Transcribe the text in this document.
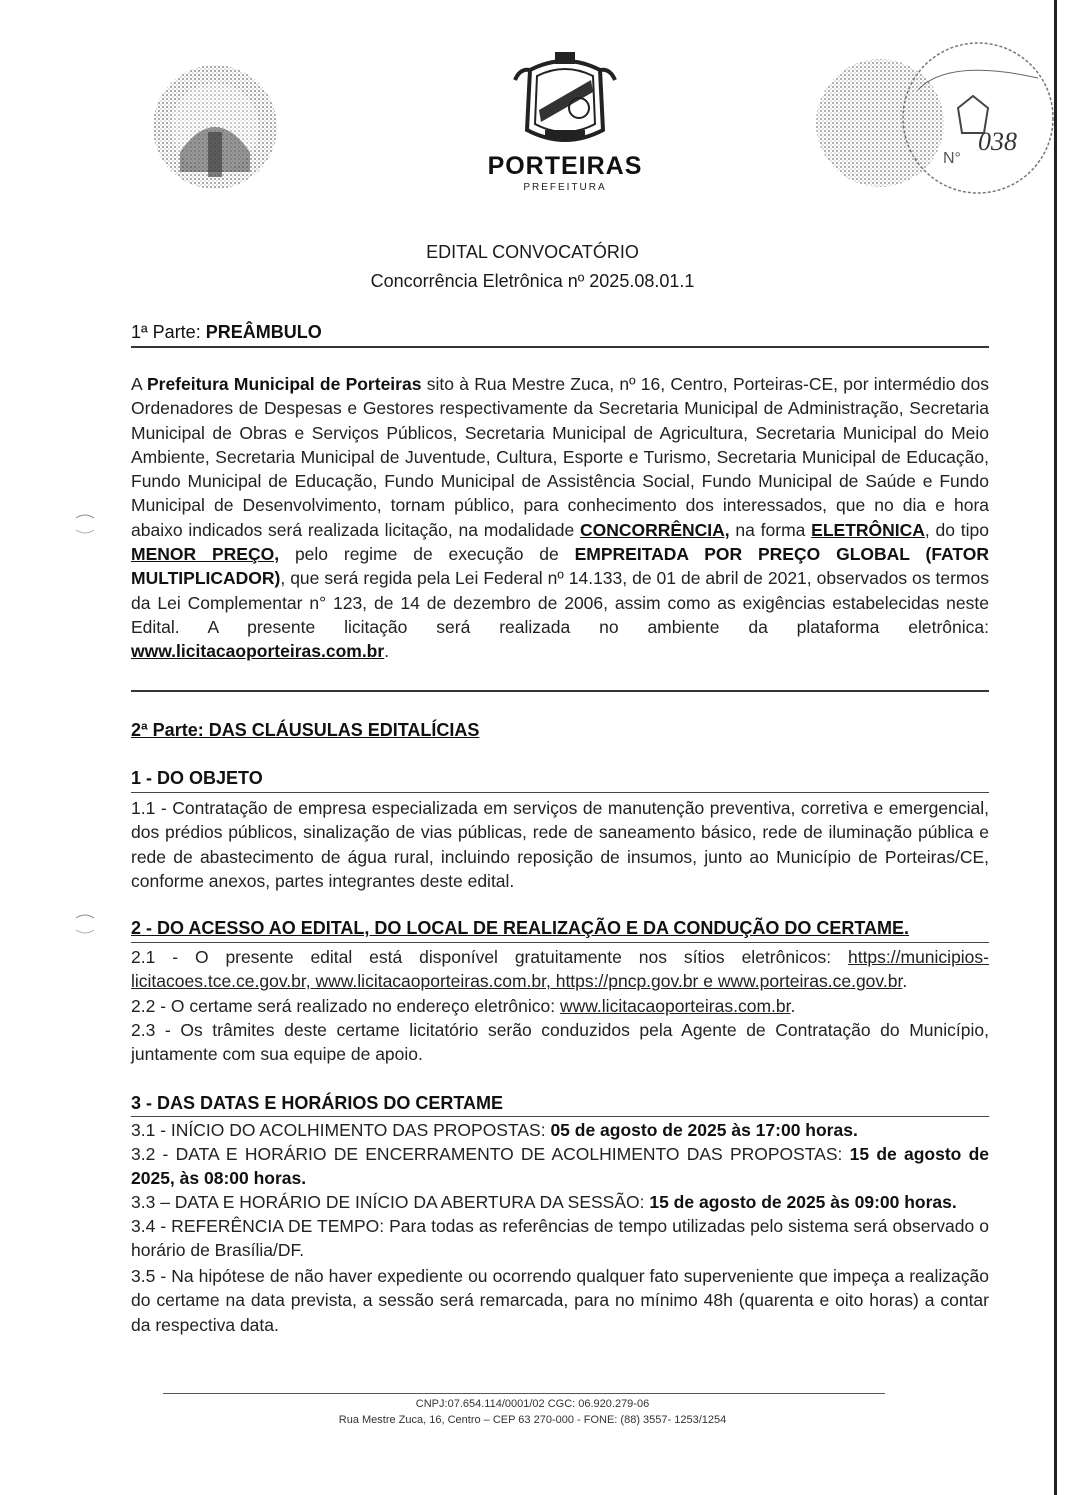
PORTEIRAS
PREFEITURA
N°
038
EDITAL CONVOCATÓRIO
Concorrência Eletrônica nº 2025.08.01.1
1ª Parte: PREÂMBULO
A Prefeitura Municipal de Porteiras sito à Rua Mestre Zuca, nº 16, Centro, Porteiras-CE, por intermédio dos Ordenadores de Despesas e Gestores respectivamente da Secretaria Municipal de Administração, Secretaria Municipal de Obras e Serviços Públicos, Secretaria Municipal de Agricultura, Secretaria Municipal do Meio Ambiente, Secretaria Municipal de Juventude, Cultura, Esporte e Turismo, Secretaria Municipal de Educação, Fundo Municipal de Educação, Fundo Municipal de Assistência Social, Fundo Municipal de Saúde e Fundo Municipal de Desenvolvimento, tornam público, para conhecimento dos interessados, que no dia e hora abaixo indicados será realizada licitação, na modalidade CONCORRÊNCIA, na forma ELETRÔNICA, do tipo MENOR PREÇO, pelo regime de execução de EMPREITADA POR PREÇO GLOBAL (FATOR MULTIPLICADOR), que será regida pela Lei Federal nº 14.133, de 01 de abril de 2021, observados os termos da Lei Complementar n° 123, de 14 de dezembro de 2006, assim como as exigências estabelecidas neste Edital. A presente licitação será realizada no ambiente da plataforma eletrônica: www.licitacaoporteiras.com.br.
2ª Parte: DAS CLÁUSULAS EDITALÍCIAS
1 - DO OBJETO
1.1 - Contratação de empresa especializada em serviços de manutenção preventiva, corretiva e emergencial, dos prédios públicos, sinalização de vias públicas, rede de saneamento básico, rede de iluminação pública e rede de abastecimento de água rural, incluindo reposição de insumos, junto ao Município de Porteiras/CE, conforme anexos, partes integrantes deste edital.
2 - DO ACESSO AO EDITAL, DO LOCAL DE REALIZAÇÃO E DA CONDUÇÃO DO CERTAME.
2.1 - O presente edital está disponível gratuitamente nos sítios eletrônicos: https://municipios-licitacoes.tce.ce.gov.br, www.licitacaoporteiras.com.br, https://pncp.gov.br e www.porteiras.ce.gov.br.
2.2 - O certame será realizado no endereço eletrônico: www.licitacaoporteiras.com.br.
2.3 - Os trâmites deste certame licitatório serão conduzidos pela Agente de Contratação do Município, juntamente com sua equipe de apoio.
3 - DAS DATAS E HORÁRIOS DO CERTAME
3.1 - INÍCIO DO ACOLHIMENTO DAS PROPOSTAS: 05 de agosto de 2025 às 17:00 horas.
3.2 - DATA E HORÁRIO DE ENCERRAMENTO DE ACOLHIMENTO DAS PROPOSTAS: 15 de agosto de 2025, às 08:00 horas.
3.3 – DATA E HORÁRIO DE INÍCIO DA ABERTURA DA SESSÃO: 15 de agosto de 2025 às 09:00 horas.
3.4 - REFERÊNCIA DE TEMPO: Para todas as referências de tempo utilizadas pelo sistema será observado o horário de Brasília/DF.
3.5 - Na hipótese de não haver expediente ou ocorrendo qualquer fato superveniente que impeça a realização do certame na data prevista, a sessão será remarcada, para no mínimo 48h (quarenta e oito horas) a contar da respectiva data.
CNPJ:07.654.114/0001/02 CGC: 06.920.279-06
Rua Mestre Zuca, 16, Centro – CEP 63 270-000 - FONE: (88) 3557- 1253/1254
